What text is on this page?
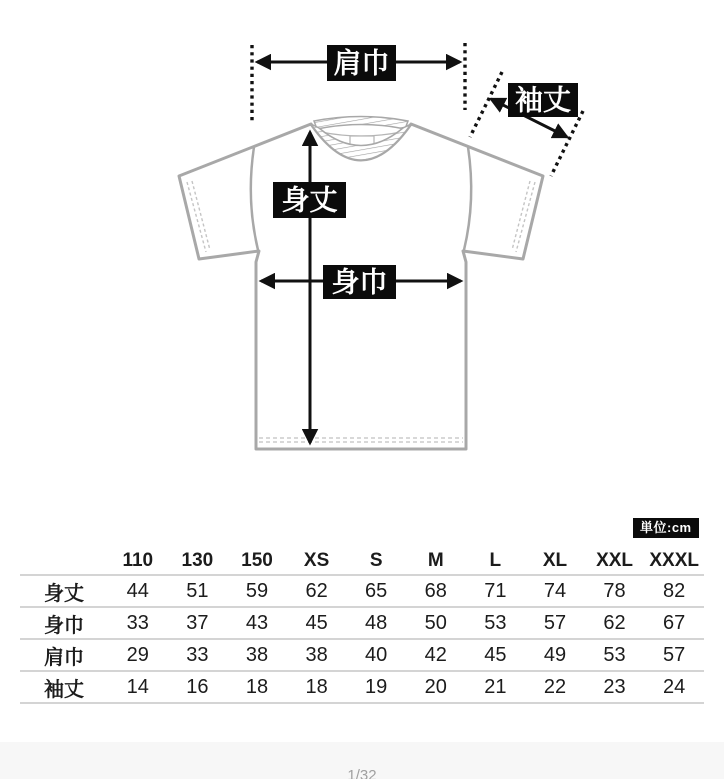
肩巾
袖丈
身丈
身巾
単位:cm
	110	130	150	XS	S	M	L	XL	XXL	XXXL
身丈	44	51	59	62	65	68	71	74	78	82
身巾	33	37	43	45	48	50	53	57	62	67
肩巾	29	33	38	38	40	42	45	49	53	57
袖丈	14	16	18	18	19	20	21	22	23	24
1/32
